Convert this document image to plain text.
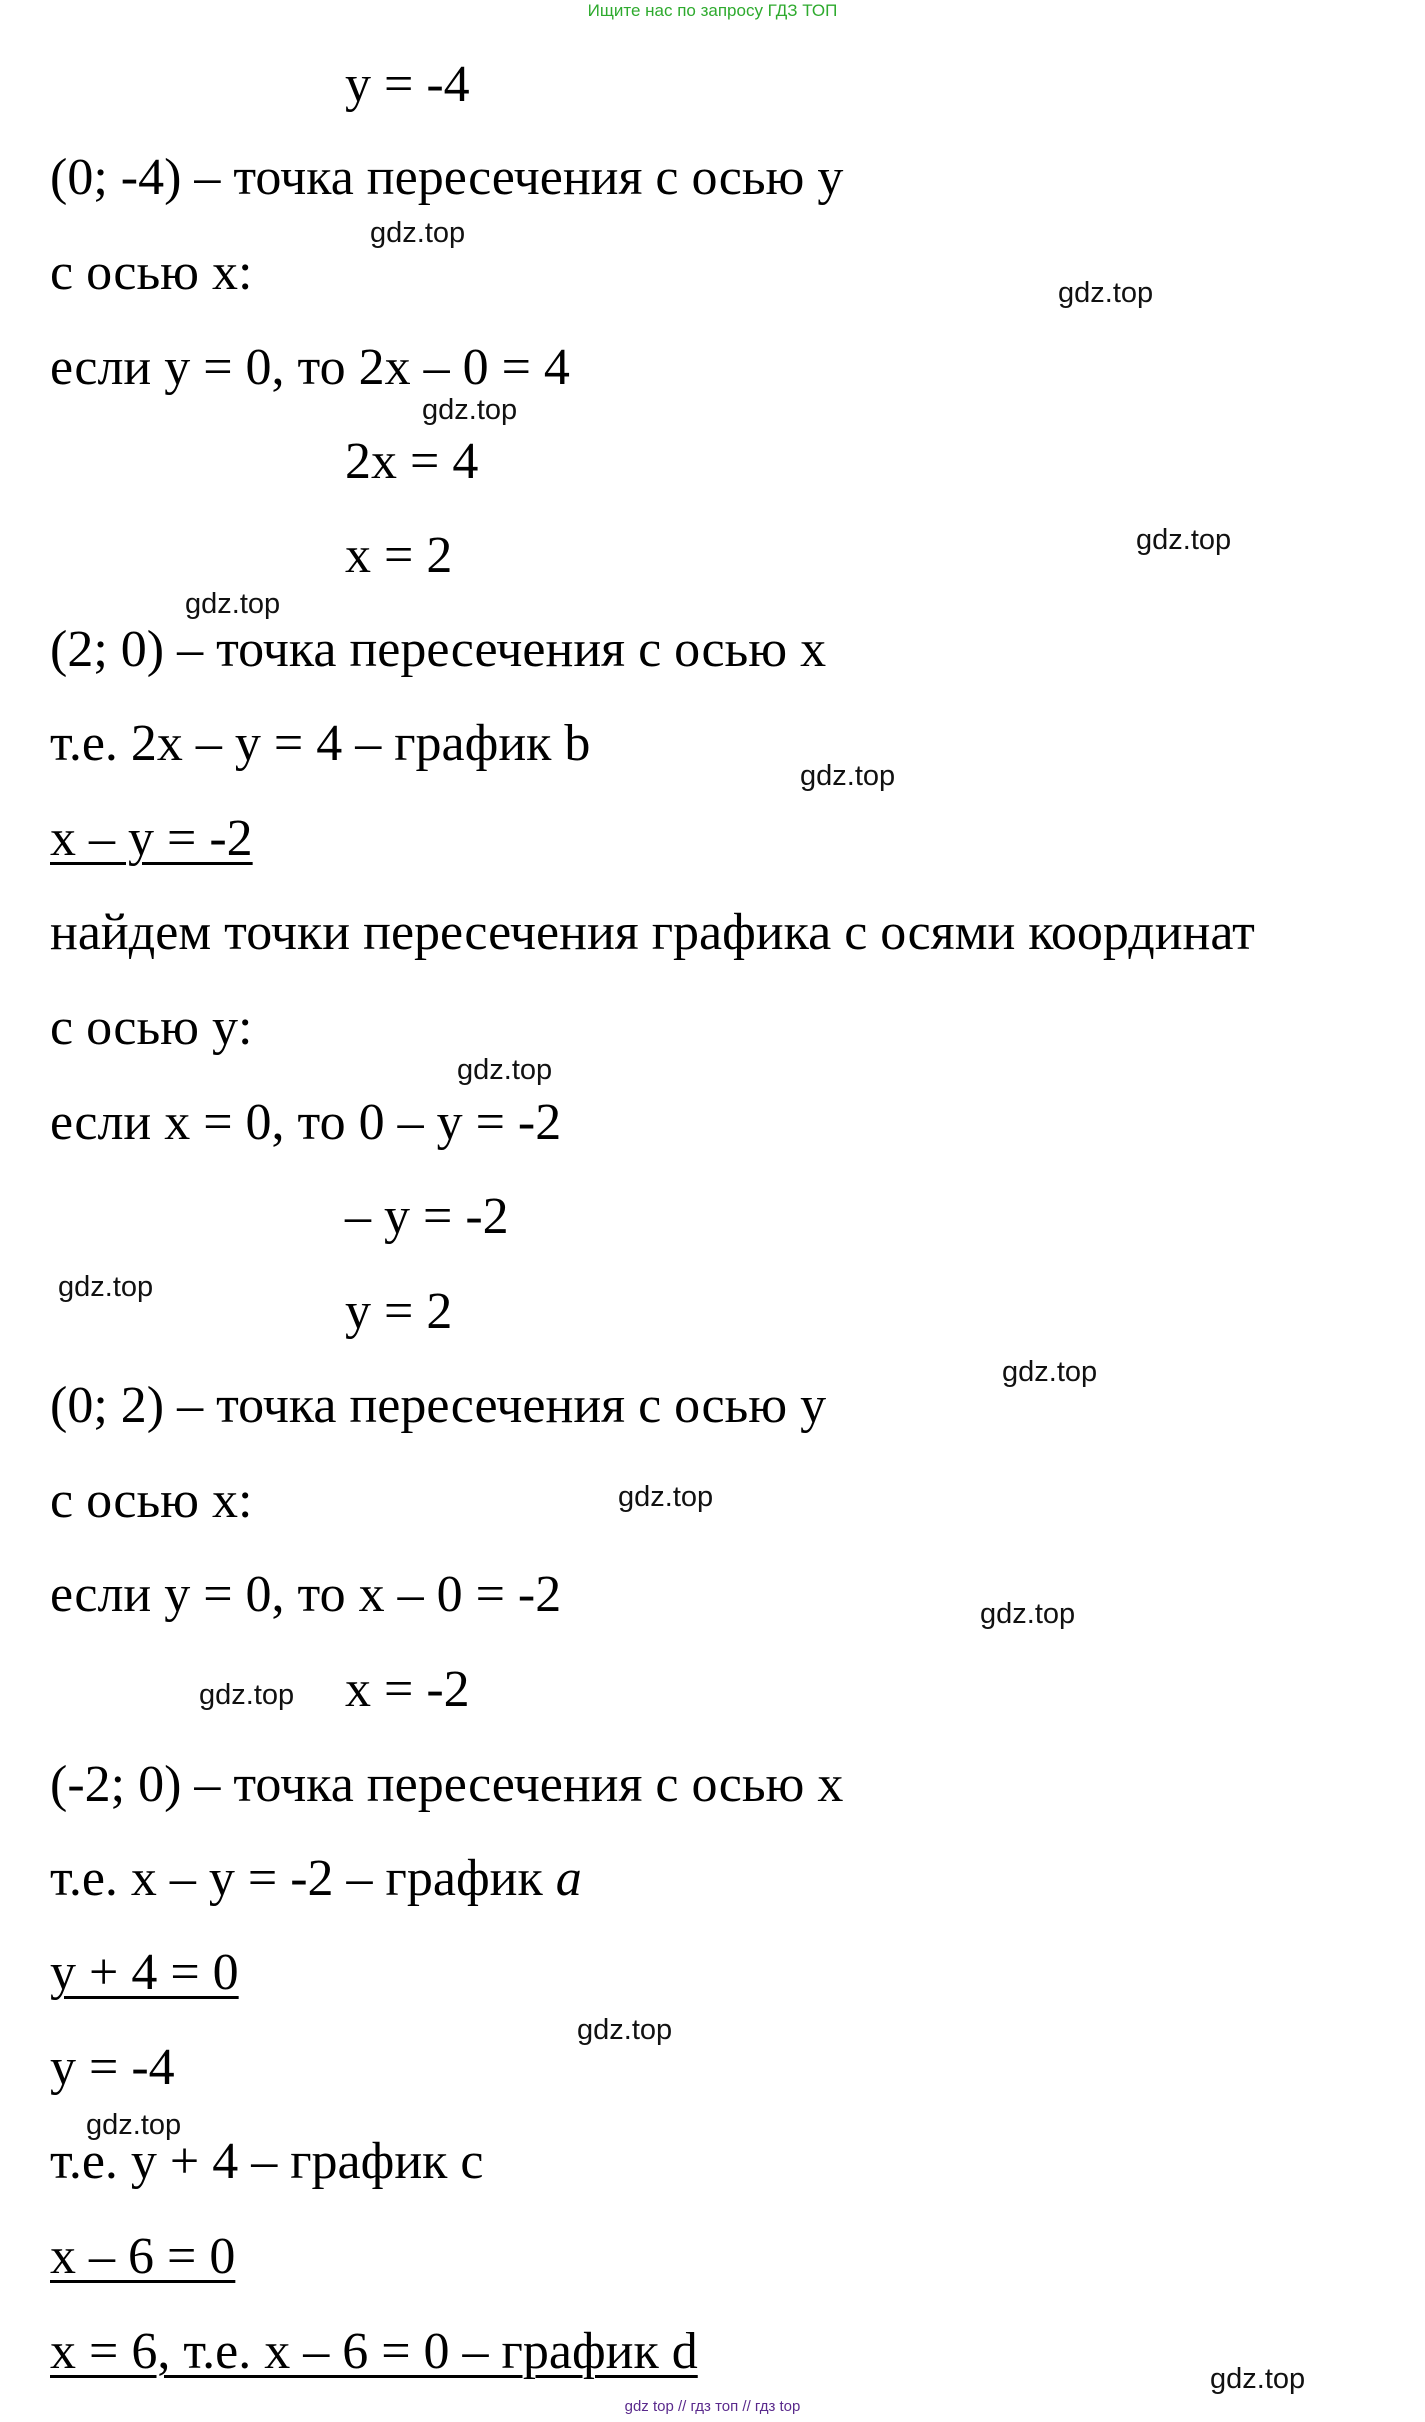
Ищите нас по запросу ГДЗ ТОП
y = -4
(0; -4) – точка пересечения с осью y
с осью x:
если y = 0, то 2x – 0 = 4
2x = 4
x = 2
(2; 0) – точка пересечения с осью x
т.е. 2x – y = 4 – график b
x – y = -2
найдем точки пересечения графика с осями координат
с осью y:
если x = 0, то 0 – y = -2
– y = -2
y = 2
(0; 2) – точка пересечения с осью y
с осью x:
если y = 0, то x – 0 = -2
x = -2
(-2; 0) – точка пересечения с осью x
т.е. x – y = -2 – график a
y + 4 = 0
y = -4
т.е. y + 4 – график с
x – 6 = 0
x = 6, т.е. x – 6 = 0 – график d
gdz.top
gdz.top
gdz.top
gdz.top
gdz.top
gdz.top
gdz.top
gdz.top
gdz.top
gdz.top
gdz.top
gdz.top
gdz.top
gdz.top
gdz.top
gdz top // гдз топ // гдз top
